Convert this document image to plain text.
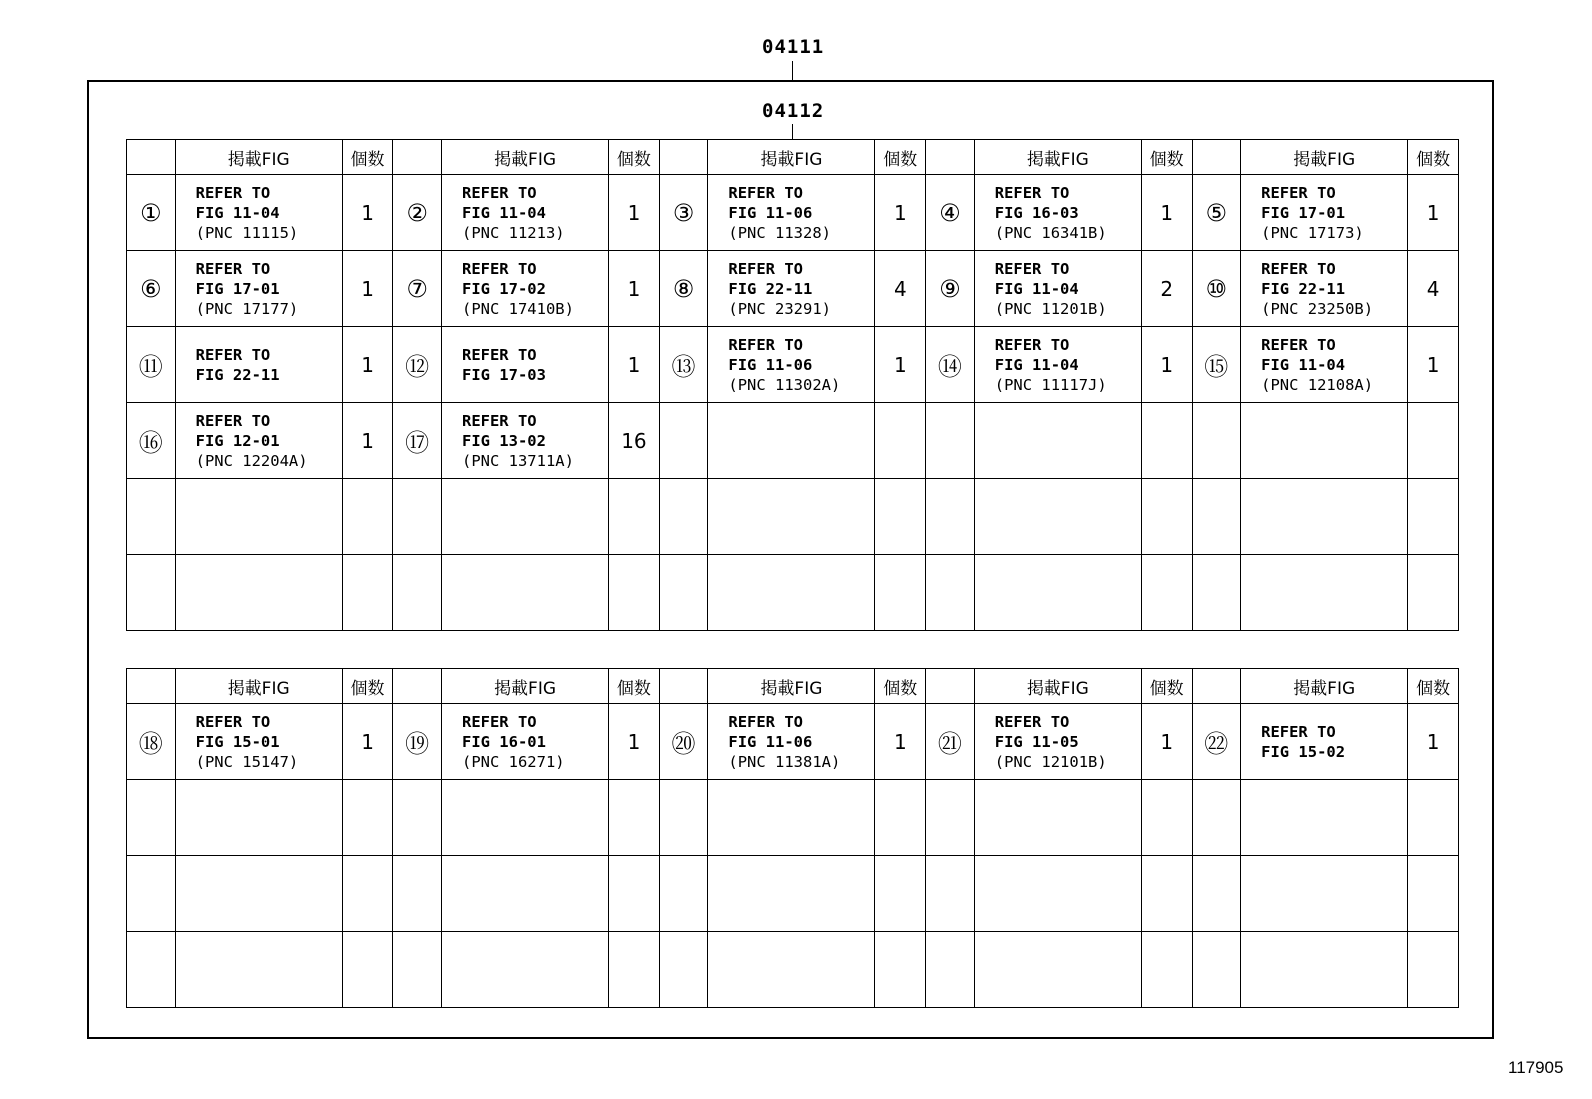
04111
04112
	掲載FIG	個数		掲載FIG	個数		掲載FIG	個数		掲載FIG	個数		掲載FIG	個数
①	REFER TO
FIG 11-04
(PNC 11115)	1	②	REFER TO
FIG 11-04
(PNC 11213)	1	③	REFER TO
FIG 11-06
(PNC 11328)	1	④	REFER TO
FIG 16-03
(PNC 16341B)	1	⑤	REFER TO
FIG 17-01
(PNC 17173)	1
⑥	REFER TO
FIG 17-01
(PNC 17177)	1	⑦	REFER TO
FIG 17-02
(PNC 17410B)	1	⑧	REFER TO
FIG 22-11
(PNC 23291)	4	⑨	REFER TO
FIG 11-04
(PNC 11201B)	2	⑩	REFER TO
FIG 22-11
(PNC 23250B)	4
⑪	REFER TO
FIG 22-11	1	⑫	REFER TO
FIG 17-03	1	⑬	REFER TO
FIG 11-06
(PNC 11302A)	1	⑭	REFER TO
FIG 11-04
(PNC 11117J)	1	⑮	REFER TO
FIG 11-04
(PNC 12108A)	1
⑯	REFER TO
FIG 12-01
(PNC 12204A)	1	⑰	REFER TO
FIG 13-02
(PNC 13711A)	16		

	掲載FIG	個数		掲載FIG	個数		掲載FIG	個数		掲載FIG	個数		掲載FIG	個数
⑱	REFER TO
FIG 15-01
(PNC 15147)	1	⑲	REFER TO
FIG 16-01
(PNC 16271)	1	⑳	REFER TO
FIG 11-06
(PNC 11381A)	1	㉑	REFER TO
FIG 11-05
(PNC 12101B)	1	㉒	REFER TO
FIG 15-02	1

117905
